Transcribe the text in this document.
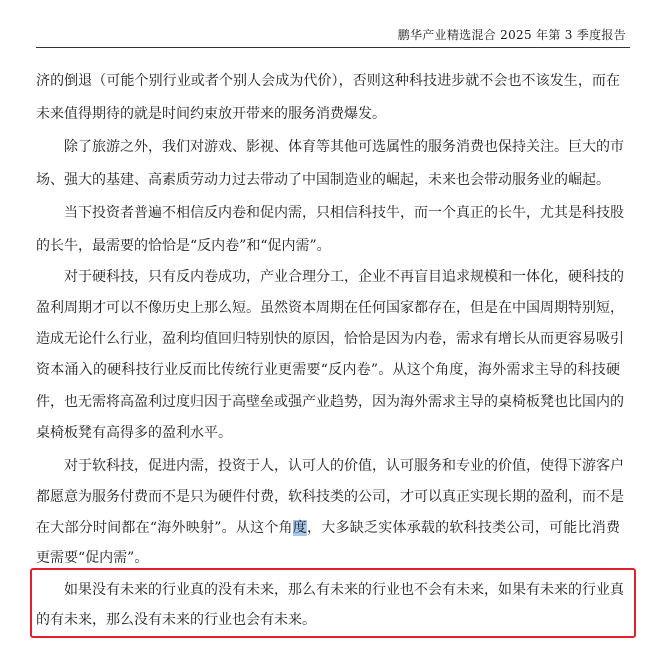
鹏华产业精选混合 2025 年第 3 季度报告
济的倒退（可能个别行业或者个别人会成为代价），否则这种科技进步就不会也不该发生，而在
未来值得期待的就是时间约束放开带来的服务消费爆发。
除了旅游之外，我们对游戏、影视、体育等其他可选属性的服务消费也保持关注。巨大的市
场、强大的基建、高素质劳动力过去带动了中国制造业的崛起，未来也会带动服务业的崛起。
当下投资者普遍不相信反内卷和促内需，只相信科技牛，而一个真正的长牛，尤其是科技股
的长牛，最需要的恰恰是“反内卷”和“促内需”。
对于硬科技，只有反内卷成功，产业合理分工，企业不再盲目追求规模和一体化，硬科技的
盈利周期才可以不像历史上那么短。虽然资本周期在任何国家都存在，但是在中国周期特别短，
造成无论什么行业，盈利均值回归特别快的原因，恰恰是因为内卷，需求有增长从而更容易吸引
资本涌入的硬科技行业反而比传统行业更需要“反内卷”。从这个角度，海外需求主导的科技硬
件，也无需将高盈利过度归因于高壁垒或强产业趋势，因为海外需求主导的桌椅板凳也比国内的
桌椅板凳有高得多的盈利水平。
对于软科技，促进内需，投资于人，认可人的价值，认可服务和专业的价值，使得下游客户
都愿意为服务付费而不是只为硬件付费，软科技类的公司，才可以真正实现长期的盈利，而不是
在大部分时间都在“海外映射”。从这个角度，大多缺乏实体承载的软科技类公司，可能比消费
更需要“促内需”。
如果没有未来的行业真的没有未来，那么有未来的行业也不会有未来，如果有未来的行业真
的有未来，那么没有未来的行业也会有未来。
